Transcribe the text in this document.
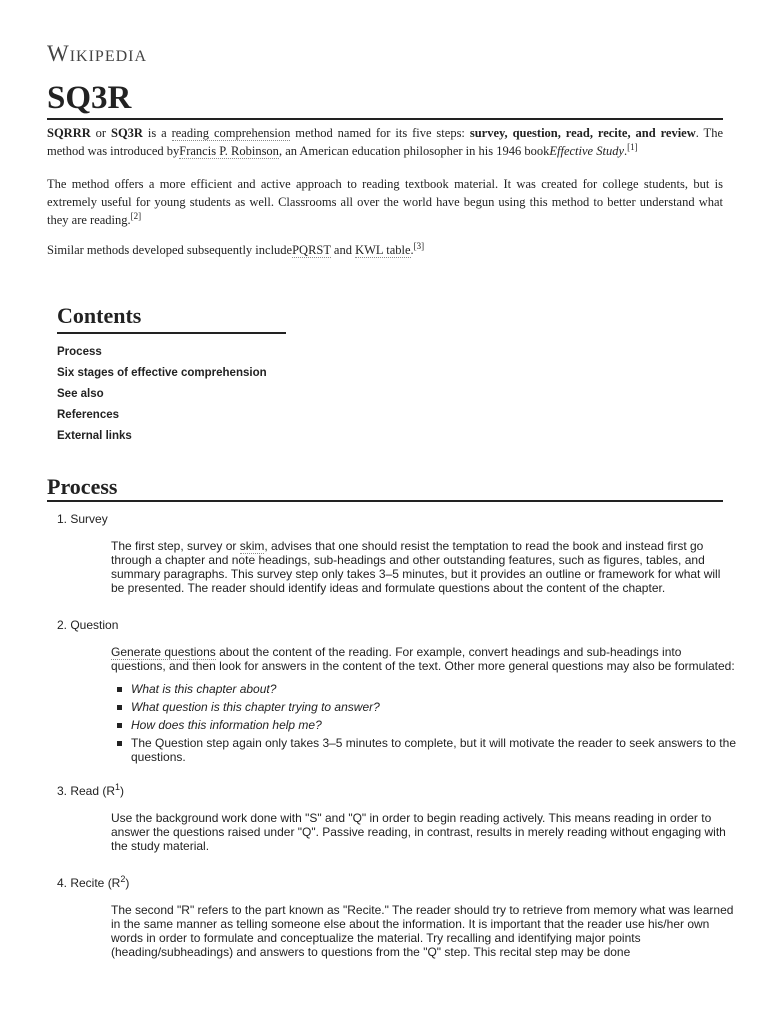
Wikipedia
SQ3R

SQRRR or SQ3R is a reading comprehension method named for its five steps: survey, question, read, recite, and review. The method was introduced byFrancis P. Robinson, an American education philosopher in his 1946 bookEffective Study.[1]

The method offers a more efficient and active approach to reading textbook material. It was created for college students, but is extremely useful for young students as well. Classrooms all over the world have begun using this method to better understand what they are reading.[2]

Similar methods developed subsequently includePQRST and KWL table.[3]

Contents
Process
Six stages of effective comprehension
See also
References
External links
Process
1. Survey
The first step, survey or skim, advises that one should resist the temptation to read the book and instead first go through a chapter and note headings, sub-headings and other outstanding features, such as figures, tables, and summary paragraphs. This survey step only takes 3–5 minutes, but it provides an outline or framework for what will be presented. The reader should identify ideas and formulate questions about the content of the chapter.
2. Question
Generate questions about the content of the reading. For example, convert headings and sub-headings into questions, and then look for answers in the content of the text. Other more general questions may also be formulated:
What is this chapter about?
What question is this chapter trying to answer?
How does this information help me?
The Question step again only takes 3–5 minutes to complete, but it will motivate the reader to seek answers to the questions.
3. Read $(R^1)$
Use the background work done with "S" and "Q" in order to begin reading actively. This means reading in order to answer the questions raised under "Q". Passive reading, in contrast, results in merely reading without engaging with the study material.
4. Recite $(R^2)$
The second "R" refers to the part known as "Recite." The reader should try to retrieve from memory what was learned in the same manner as telling someone else about the information. It is important that the reader use his/her own words in order to formulate and conceptualize the material. Try recalling and identifying major points (heading/subheadings) and answers to questions from the "Q" step. This recital step may be done
